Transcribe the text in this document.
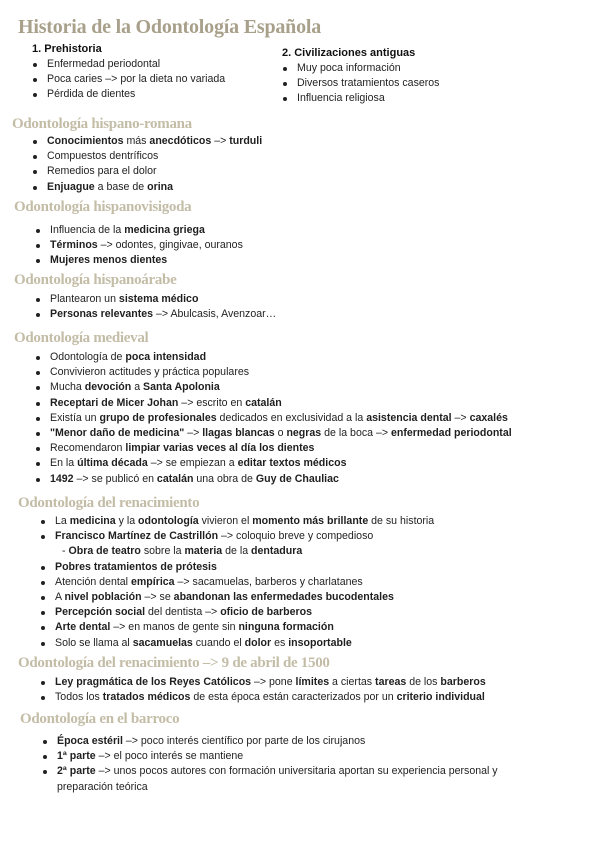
Historia de la Odontología Española

1. Prehistoria

Enfermedad periodontal
Poca caries –> por la dieta no variada
Pérdida de dientes

2. Civilizaciones antiguas

Muy poca información
Diversos tratamientos caseros
Influencia religiosa
Odontología hispano-romana
Conocimientos más anecdóticos –> turduli
Compuestos dentríficos
Remedios para el dolor
Enjuague a base de orina
Odontología hispanovisigoda
Influencia de la medicina griega
Términos –> odontes, gingivae, ouranos
Mujeres menos dientes
Odontología hispanoárabe
Plantearon un sistema médico
Personas relevantes –> Abulcasis, Avenzoar…
Odontología medieval
Odontología de poca intensidad
Convivieron actitudes y práctica populares
Mucha devoción a Santa Apolonia
Receptari de Micer Johan –> escrito en catalán
Existía un grupo de profesionales dedicados en exclusividad a la asistencia dental –> caxalés
"Menor daño de medicina" –> llagas blancas o negras de la boca –> enfermedad periodontal
Recomendaron limpiar varias veces al día los dientes
En la última década –> se empiezan a editar textos médicos
1492 –> se publicó en catalán una obra de Guy de Chauliac
Odontología del renacimiento
La medicina y la odontología vivieron el momento más brillante de su historia
Francisco Martínez de Castrillón –> coloquio breve y compedioso
- Obra de teatro sobre la materia de la dentadura
Pobres tratamientos de prótesis
Atención dental empírica –> sacamuelas, barberos y charlatanes
A nivel población –> se abandonan las enfermedades bucodentales
Percepción social del dentista –> oficio de barberos
Arte dental –> en manos de gente sin ninguna formación
Solo se llama al sacamuelas cuando el dolor es insoportable
Odontología del renacimiento –> 9 de abril de 1500
Ley pragmática de los Reyes Católicos –> pone límites a ciertas tareas de los barberos
Todos los tratados médicos de esta época están caracterizados por un criterio individual
Odontología en el barroco
Época estéril –> poco interés científico por parte de los cirujanos
1ª parte –> el poco interés se mantiene
2ª parte –> unos pocos autores con formación universitaria aportan su experiencia personal y preparación teórica
